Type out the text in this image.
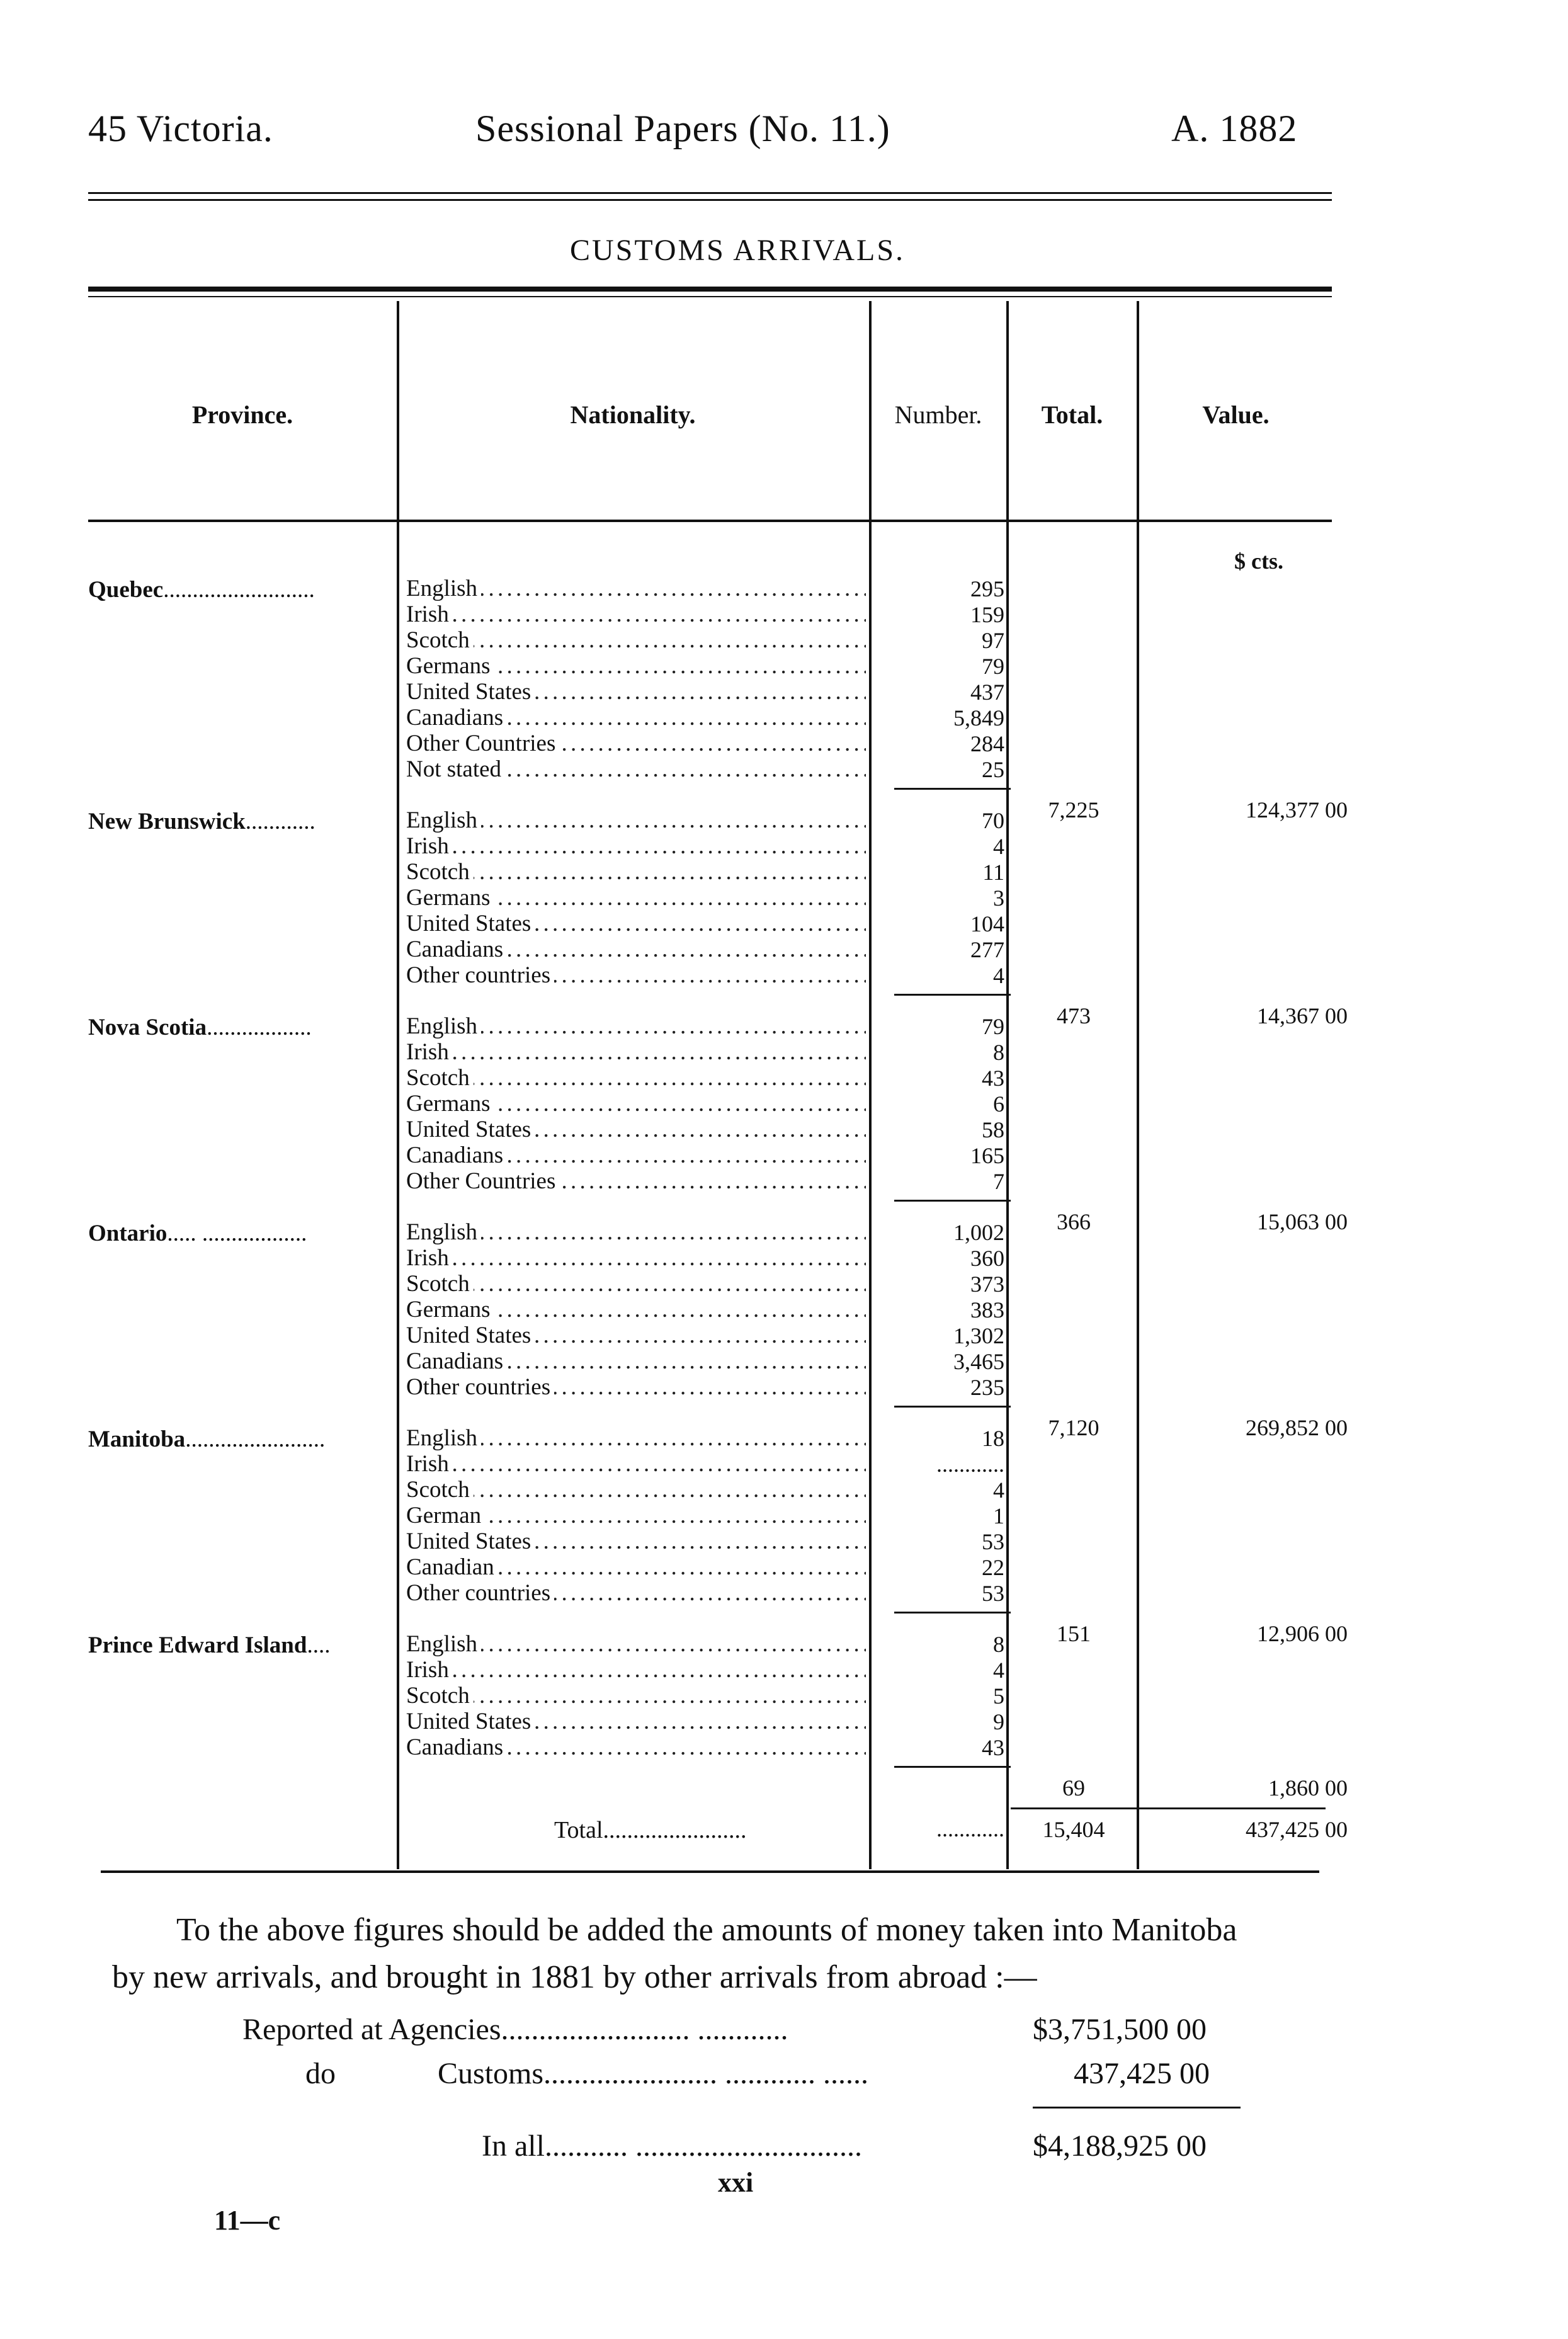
45 Victoria.	Sessional Papers (No. 11.)	A. 1882
CUSTOMS ARRIVALS.
Province.	Nationality.	Number.	Total.	Value.
$ cts.
Quebec..........................	English . . .	295
Irish . . .	159
Scotch . . .	97
Germans . . .	79
United States . . .	437
Canadians . . .	5,849
Other Countries . . .	284
Not stated . . .	25
7,225	124,377 00
New Brunswick............	English . . .	70
Irish . . .	4
Scotch . . .	11
Germans . . .	3
United States . . .	104
Canadians . . .	277
Other countries . . .	4
473	14,367 00
Nova Scotia..................	English . . .	79
Irish . . .	8
Scotch . . .	43
Germans . . .	6
United States . . .	58
Canadians . . .	165
Other Countries . . .	7
366	15,063 00
Ontario..... ..................	English . . .	1,002
Irish . . .	360
Scotch . . .	373
Germans . . .	383
United States . . .	1,302
Canadians . . .	3,465
Other countries . . .	235
7,120	269,852 00
Manitoba........................	English . . .	18
Irish . . .	............
Scotch . . .	4
German . . .	1
United States . . .	53
Canadian . . .	22
Other countries . . .	53
151	12,906 00
Prince Edward Island....	English . . .	8
Irish . . .	4
Scotch . . .	5
United States . . .	9
Canadians . . .	43
69	1,860 00
Total........................	............	15,404	437,425 00
To the above figures should be added the amounts of money taken into Manitoba
by new arrivals, and brought in 1881 by other arrivals from abroad :—
Reported at Agencies......................... ............	$3,751,500 00
do	Customs....................... ............ ......	437,425 00
In all........... ..............................	$4,188,925 00
xxi
11—c
